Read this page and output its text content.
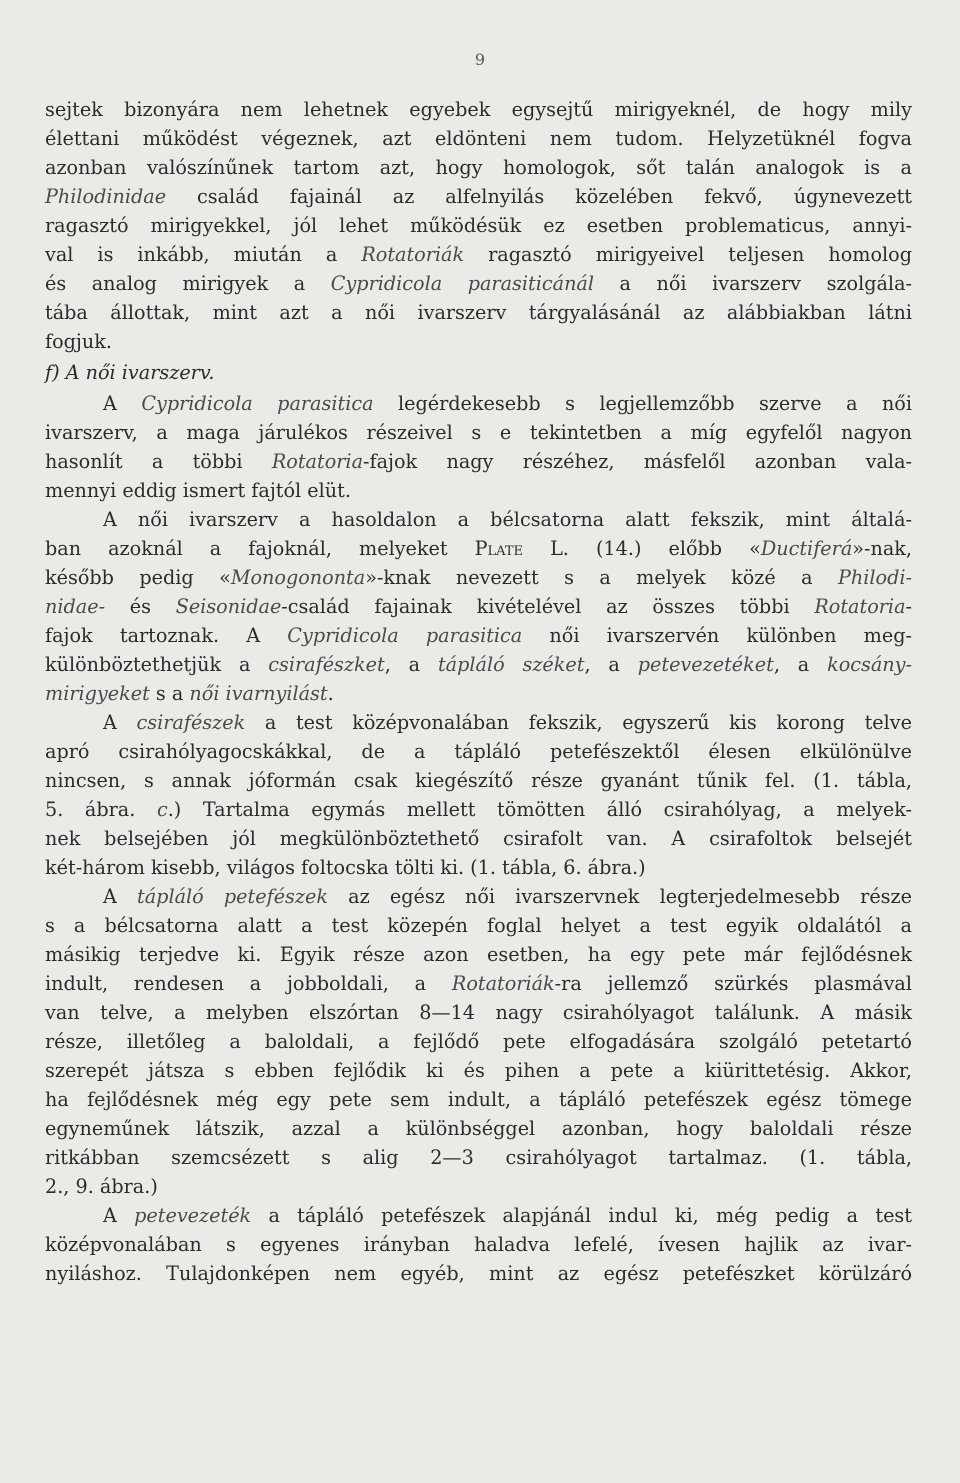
9

sejtek bizonyára nem lehetnek egyebek egysejtű mirigyeknél, de hogy mily

élettani működést végeznek, azt eldönteni nem tudom. Helyzetüknél fogva

azonban valószínűnek tartom azt, hogy homologok, sőt talán analogok is a

Philodinidae család fajainál az alfelnyilás közelében fekvő, úgynevezett

ragasztó mirigyekkel, jól lehet működésük ez esetben problematicus, annyi-

val is inkább, miután a Rotatoriák ragasztó mirigyeivel teljesen homolog

és analog mirigyek a Cypridicola parasiticánál a női ivarszerv szolgála-

tába állottak, mint azt a női ivarszerv tárgyalásánál az alábbiakban látni

fogjuk.

f) A női ivarszerv.

A Cypridicola parasitica legérdekesebb s legjellemzőbb szerve a női

ivarszerv, a maga járulékos részeivel s e tekintetben a míg egyfelől nagyon

hasonlít a többi Rotatoria-fajok nagy részéhez, másfelől azonban vala-

mennyi eddig ismert fajtól elüt.

A női ivarszerv a hasoldalon a bélcsatorna alatt fekszik, mint általá-

ban azoknál a fajoknál, melyeket Plate L. (14.) előbb «Ductiferá»-nak,

később pedig «Monogononta»-knak nevezett s a melyek közé a Philodi-

nidae- és Seisonidae-család fajainak kivételével az összes többi Rotatoria-

fajok tartoznak. A Cypridicola parasitica női ivarszervén különben meg-

különböztethetjük a csirafészket, a tápláló széket, a petevezetéket, a kocsány-

mirigyeket s a női ivarnyilást.

A csirafészek a test középvonalában fekszik, egyszerű kis korong telve

apró csirahólyagocskákkal, de a tápláló petefészektől élesen elkülönülve

nincsen, s annak jóformán csak kiegészítő része gyanánt tűnik fel. (1. tábla,

5. ábra. c.) Tartalma egymás mellett tömötten álló csirahólyag, a melyek-

nek belsejében jól megkülönböztethető csirafolt van. A csirafoltok belsejét

két-három kisebb, világos foltocska tölti ki. (1. tábla, 6. ábra.)

A tápláló petefészek az egész női ivarszervnek legterjedelmesebb része

s a bélcsatorna alatt a test közepén foglal helyet a test egyik oldalától a

másikig terjedve ki. Egyik része azon esetben, ha egy pete már fejlődésnek

indult, rendesen a jobboldali, a Rotatoriák-ra jellemző szürkés plasmával

van telve, a melyben elszórtan 8—14 nagy csirahólyagot találunk. A másik

része, illetőleg a baloldali, a fejlődő pete elfogadására szolgáló petetartó

szerepét játsza s ebben fejlődik ki és pihen a pete a kiürittetésig. Akkor,

ha fejlődésnek még egy pete sem indult, a tápláló petefészek egész tömege

egyneműnek látszik, azzal a különbséggel azonban, hogy baloldali része

ritkábban szemcsézett s alig 2—3 csirahólyagot tartalmaz. (1. tábla,

2., 9. ábra.)

A petevezeték a tápláló petefészek alapjánál indul ki, még pedig a test

középvonalában s egyenes irányban haladva lefelé, ívesen hajlik az ivar-

nyiláshoz. Tulajdonképen nem egyéb, mint az egész petefészket körülzáró
